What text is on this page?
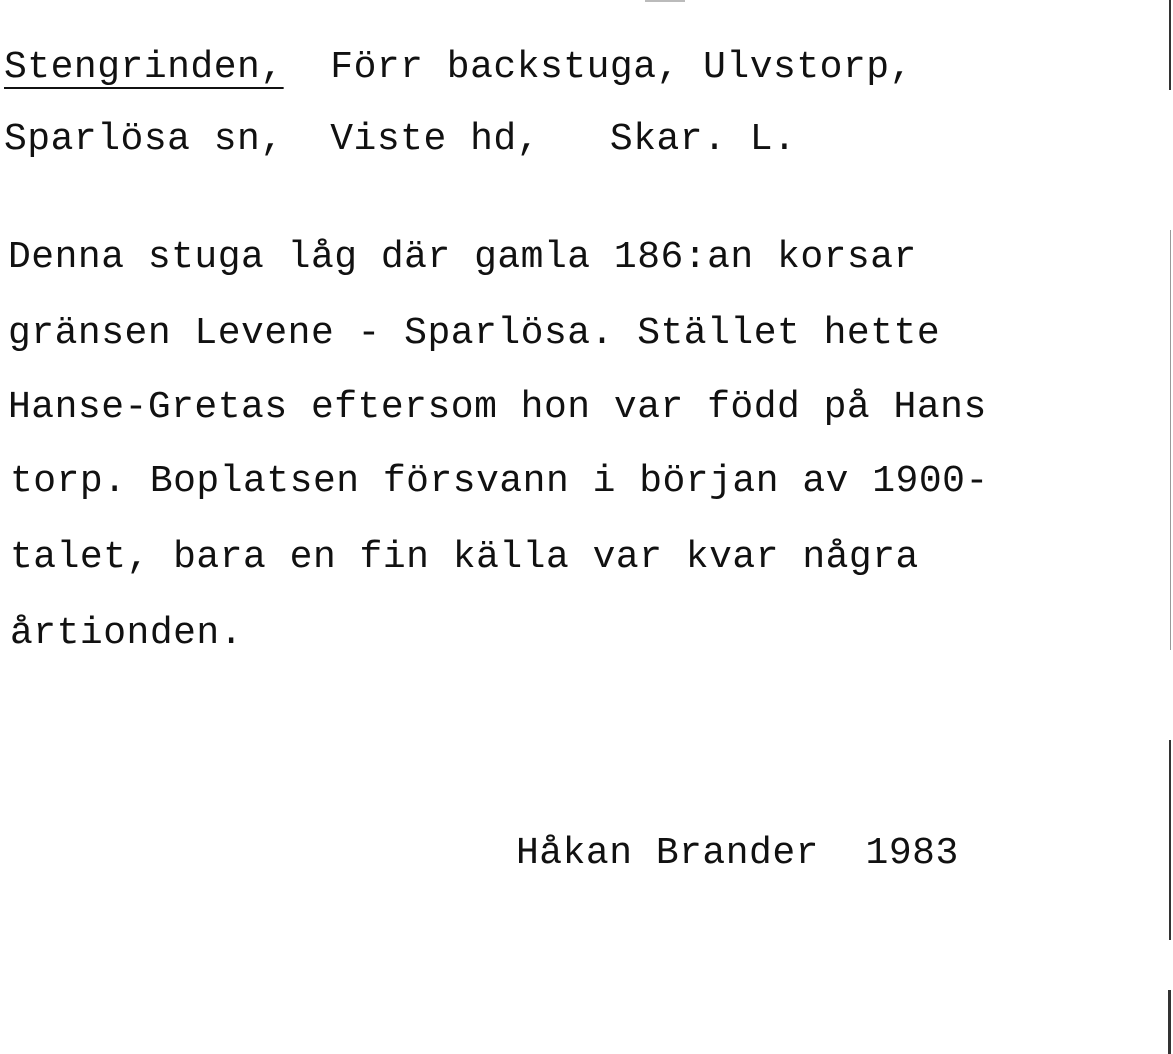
Stengrinden, Förr backstuga, Ulvstorp,
Sparlösa sn,  Viste hd,   Skar. L.
Denna stuga låg där gamla 186:an korsar
gränsen Levene - Sparlösa. Stället hette
Hanse-Gretas eftersom hon var född på Hans
torp. Boplatsen försvann i början av 1900-
talet, bara en fin källa var kvar några
årtionden.
Håkan Brander  1983
